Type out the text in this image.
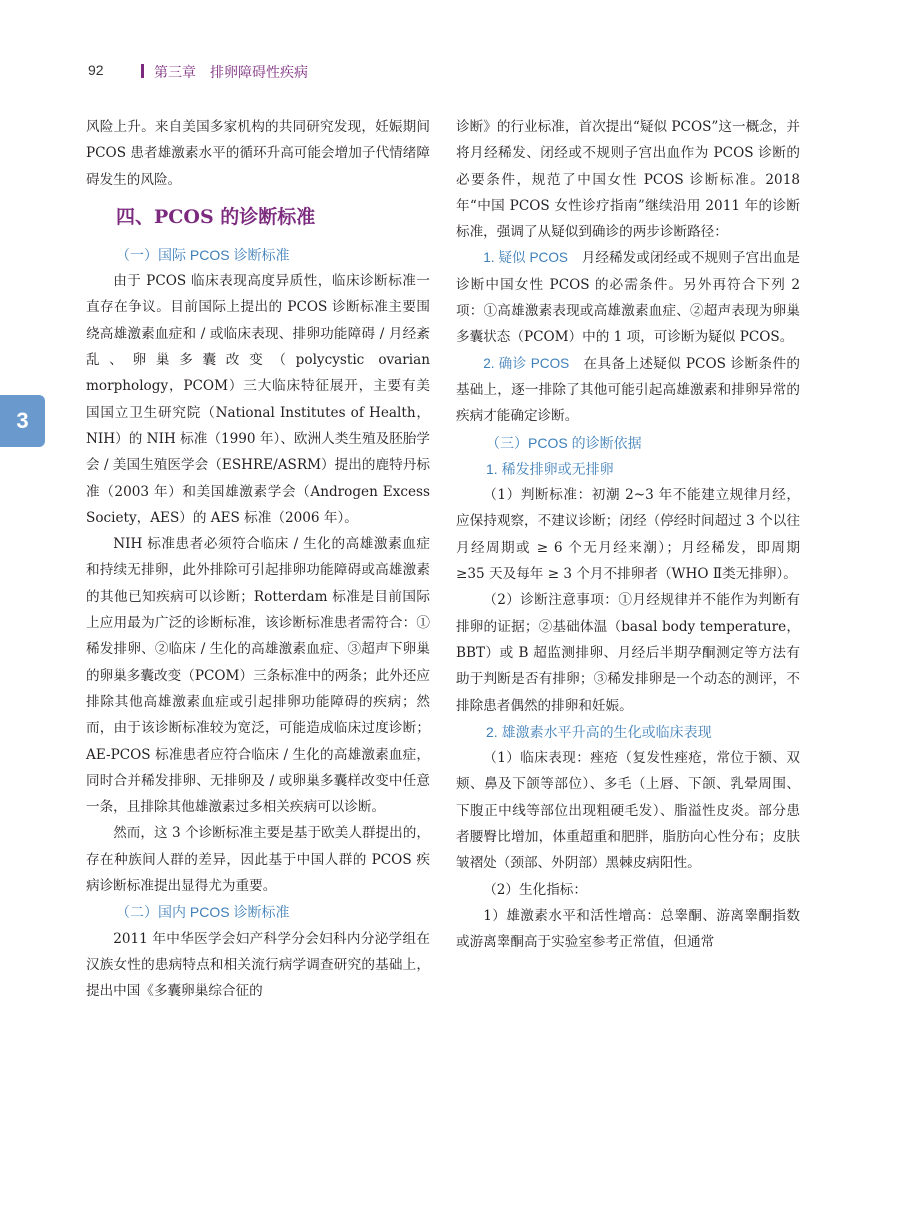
92	第三章　排卵障碍性疾病
3

风险上升。来自美国多家机构的共同研究发现，妊娠期间 PCOS 患者雄激素水平的循环升高可能会增加子代情绪障碍发生的风险。

四、PCOS 的诊断标准
（一）国际 PCOS 诊断标准

由于 PCOS 临床表现高度异质性，临床诊断标准一直存在争议。目前国际上提出的 PCOS 诊断标准主要围绕高雄激素血症和 / 或临床表现、排卵功能障碍 / 月经紊乱、卵巢多囊改变（polycystic ovarian morphology，PCOM）三大临床特征展开，主要有美国国立卫生研究院（National Institutes of Health，NIH）的 NIH 标准（1990 年）、欧洲人类生殖及胚胎学会 / 美国生殖医学会（ESHRE/ASRM）提出的鹿特丹标准（2003 年）和美国雄激素学会（Androgen Excess Society，AES）的 AES 标准（2006 年）。

NIH 标准患者必须符合临床 / 生化的高雄激素血症和持续无排卵，此外排除可引起排卵功能障碍或高雄激素的其他已知疾病可以诊断；Rotterdam 标准是目前国际上应用最为广泛的诊断标准，该诊断标准患者需符合：①稀发排卵、②临床 / 生化的高雄激素血症、③超声下卵巢的卵巢多囊改变（PCOM）三条标准中的两条；此外还应排除其他高雄激素血症或引起排卵功能障碍的疾病；然而，由于该诊断标准较为宽泛，可能造成临床过度诊断；AE-PCOS 标准患者应符合临床 / 生化的高雄激素血症，同时合并稀发排卵、无排卵及 / 或卵巢多囊样改变中任意一条，且排除其他雄激素过多相关疾病可以诊断。

然而，这 3 个诊断标准主要是基于欧美人群提出的，存在种族间人群的差异，因此基于中国人群的 PCOS 疾病诊断标准提出显得尤为重要。

（二）国内 PCOS 诊断标准

2011 年中华医学会妇产科学分会妇科内分泌学组在汉族女性的患病特点和相关流行病学调查研究的基础上，提出中国《多囊卵巢综合征的

诊断》的行业标准，首次提出“疑似 PCOS”这一概念，并将月经稀发、闭经或不规则子宫出血作为 PCOS 诊断的必要条件，规范了中国女性 PCOS 诊断标准。2018 年“中国 PCOS 女性诊疗指南”继续沿用 2011 年的诊断标准，强调了从疑似到确诊的两步诊断路径：

1. 疑似 PCOS　月经稀发或闭经或不规则子宫出血是诊断中国女性 PCOS 的必需条件。另外再符合下列 2 项：①高雄激素表现或高雄激素血症、②超声表现为卵巢多囊状态（PCOM）中的 1 项，可诊断为疑似 PCOS。

2. 确诊 PCOS　在具备上述疑似 PCOS 诊断条件的基础上，逐一排除了其他可能引起高雄激素和排卵异常的疾病才能确定诊断。

（三）PCOS 的诊断依据
1. 稀发排卵或无排卵

（1）判断标准：初潮 2~3 年不能建立规律月经，应保持观察，不建议诊断；闭经（停经时间超过 3 个以往月经周期或 ≥ 6 个无月经来潮）；月经稀发，即周期 ≥35 天及每年 ≥ 3 个月不排卵者（WHO Ⅱ类无排卵）。

（2）诊断注意事项：①月经规律并不能作为判断有排卵的证据；②基础体温（basal body temperature，BBT）或 B 超监测排卵、月经后半期孕酮测定等方法有助于判断是否有排卵；③稀发排卵是一个动态的测评，不排除患者偶然的排卵和妊娠。

2. 雄激素水平升高的生化或临床表现

（1）临床表现：痤疮（复发性痤疮，常位于额、双颊、鼻及下颌等部位）、多毛（上唇、下颌、乳晕周围、下腹正中线等部位出现粗硬毛发）、脂溢性皮炎。部分患者腰臀比增加，体重超重和肥胖，脂肪向心性分布；皮肤皱褶处（颈部、外阴部）黑棘皮病阳性。

（2）生化指标：

1）雄激素水平和活性增高：总睾酮、游离睾酮指数或游离睾酮高于实验室参考正常值，但通常
